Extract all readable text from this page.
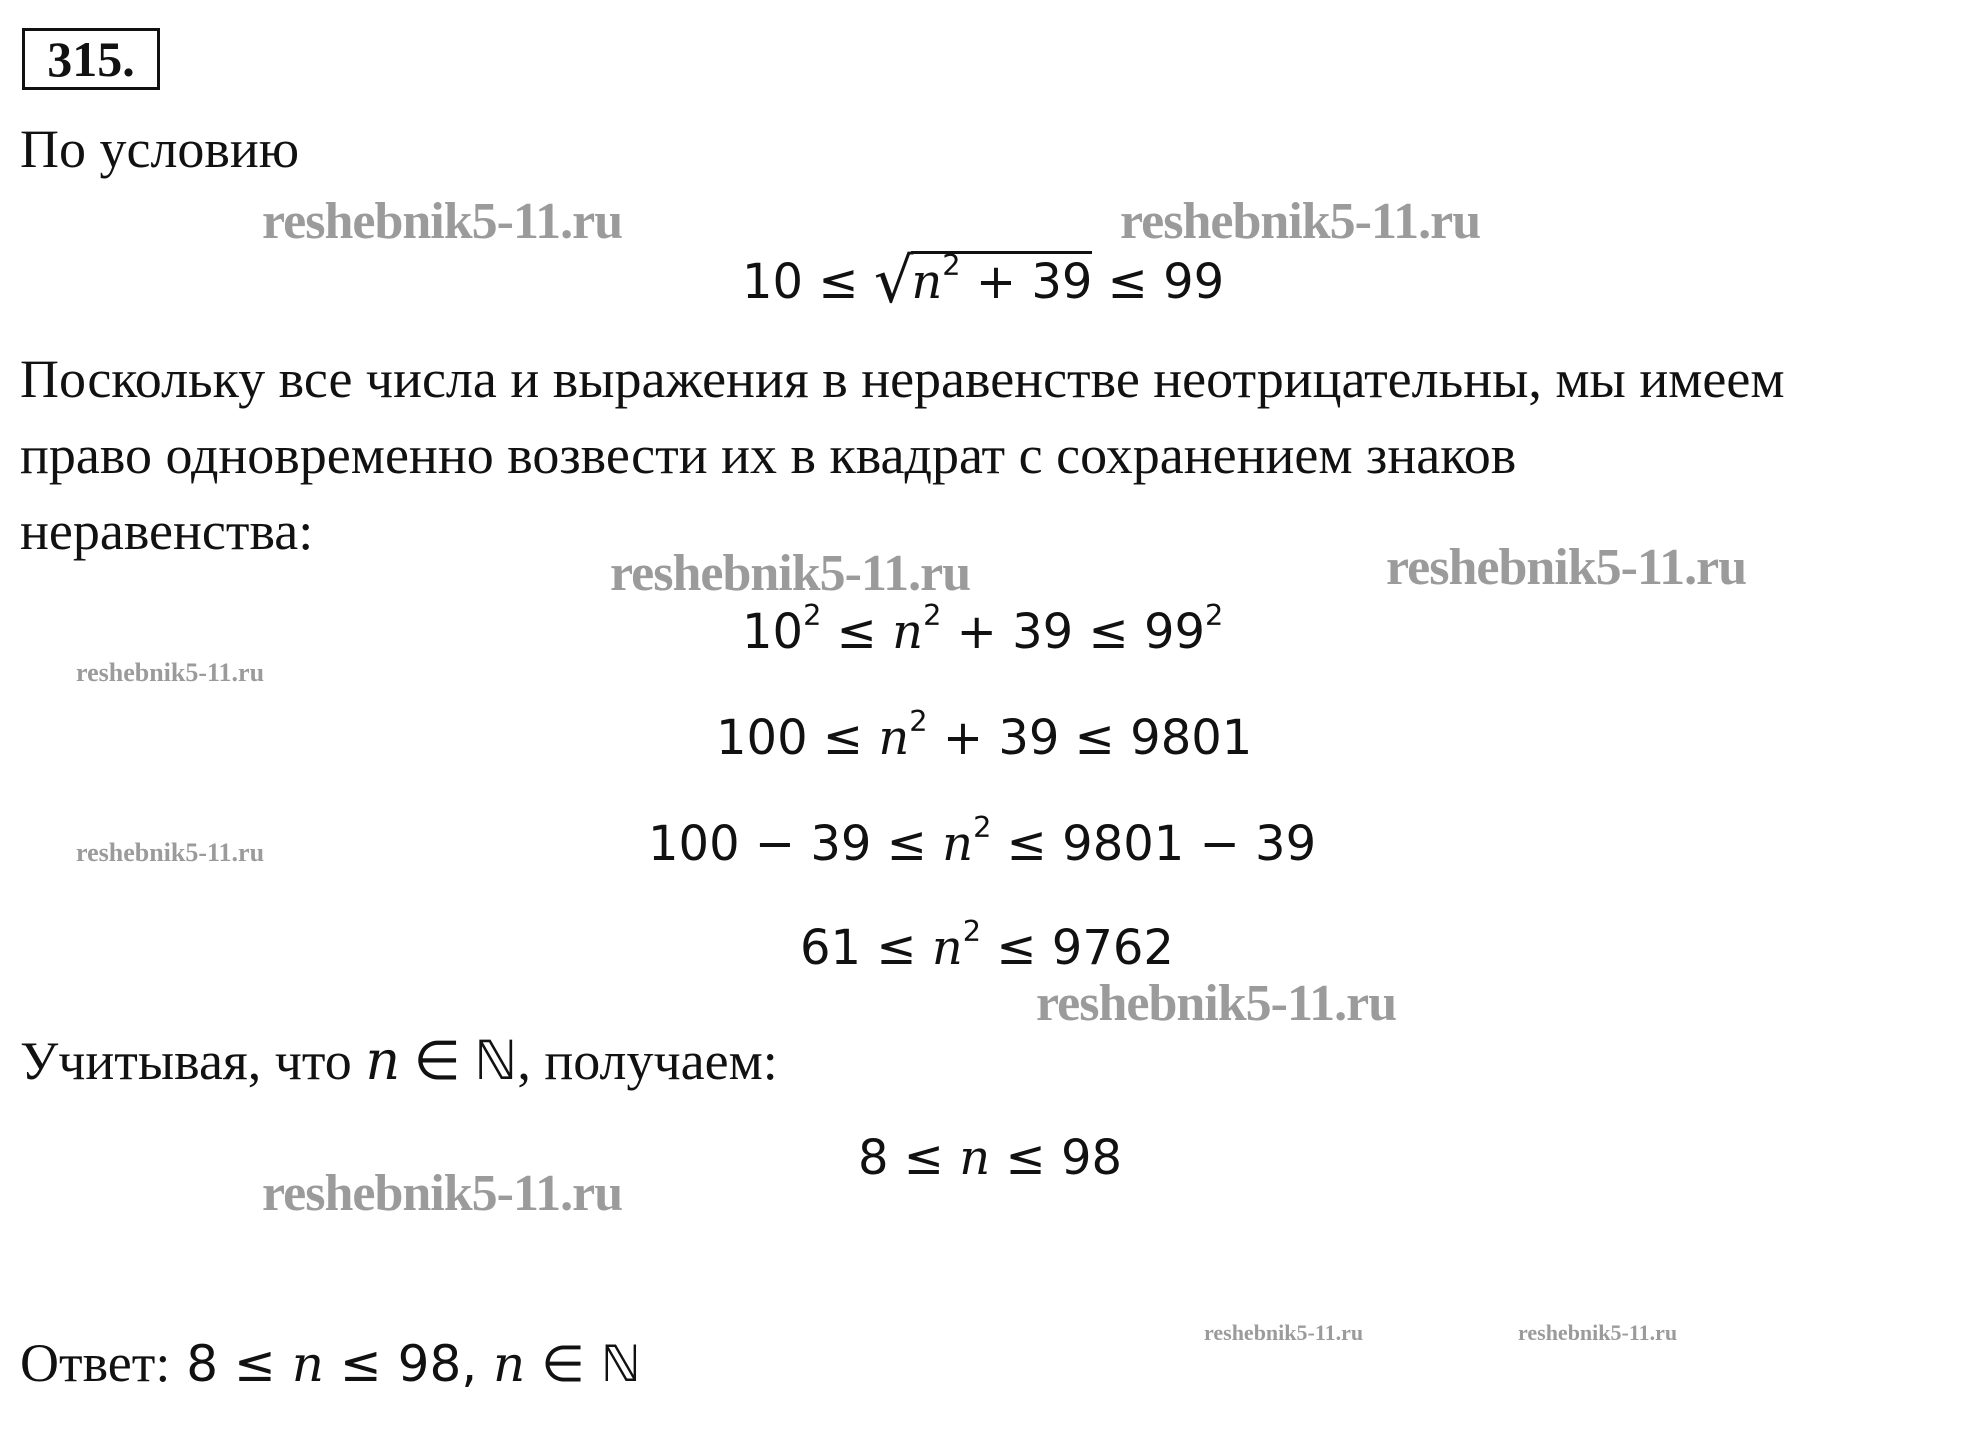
315.
По условию
$10 \le √n^2 + 39 \le 99$
Поскольку все числа и выражения в неравенстве неотрицательны, мы имеем
право одновременно возвести их в квадрат с сохранением знаков
неравенства:
$10^2 \le n^2 + 39 \le 99^2$
$100 \le n^2 + 39 \le 9801$
$100 - 39 \le n^2 \le 9801 - 39$
$61 \le n^2 \le 9762$
Учитывая, что n ∈ ℕ, получаем:
8 ≤ n ≤ 98
Ответ: 8 ≤ n ≤ 98, n ∈ ℕ
reshebnik5-11.ru	reshebnik5-11.ru
reshebnik5-11.ru	reshebnik5-11.ru
reshebnik5-11.ru
reshebnik5-11.ru
reshebnik5-11.ru
reshebnik5-11.ru
reshebnik5-11.ru	reshebnik5-11.ru
